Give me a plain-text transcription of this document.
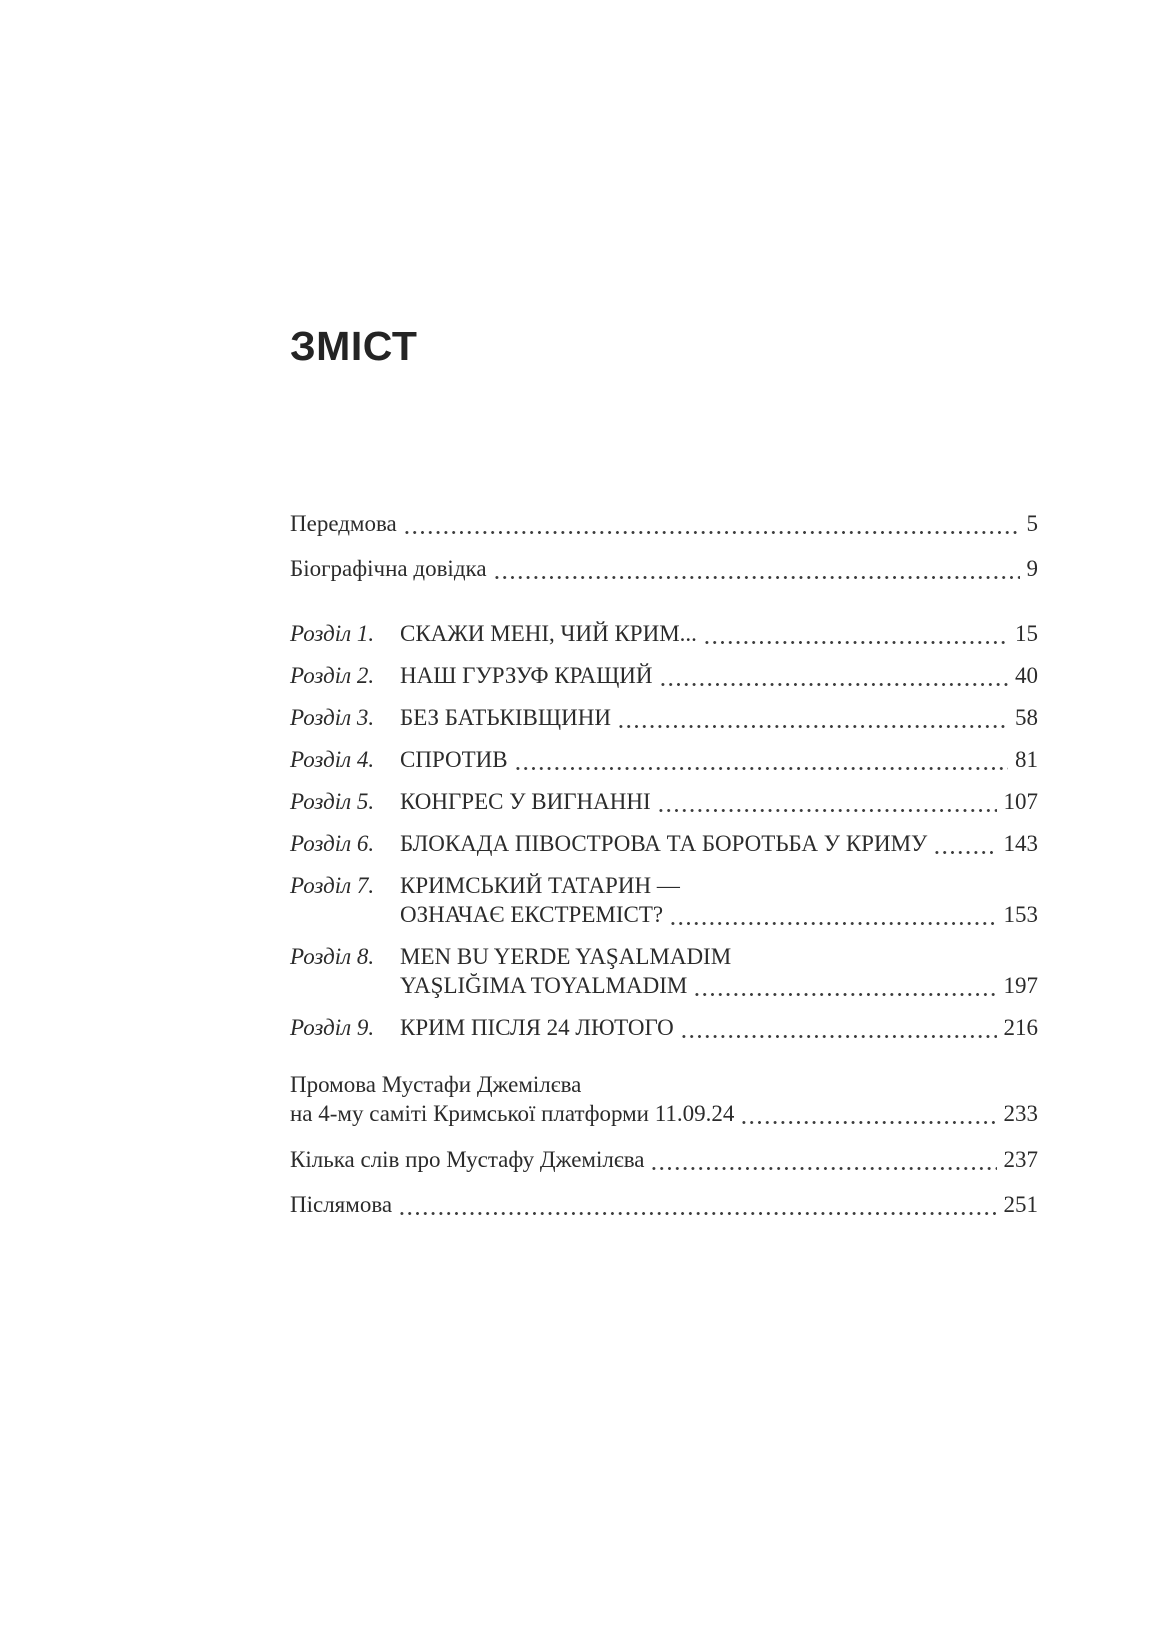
ЗМІСТ
Передмова	5
Біографічна довідка	9
Розділ 1.	СКАЖИ МЕНІ, ЧИЙ КРИМ...	15
Розділ 2.	НАШ ГУРЗУФ КРАЩИЙ	40
Розділ 3.	БЕЗ БАТЬКІВЩИНИ	58
Розділ 4.	СПРОТИВ	81
Розділ 5.	КОНГРЕС У ВИГНАННІ	107
Розділ 6.	БЛОКАДА ПІВОСТРОВА ТА БОРОТЬБА У КРИМУ	143
Розділ 7.	КРИМСЬКИЙ ТАТАРИН —
ОЗНАЧАЄ ЕКСТРЕМІСТ?	153
Розділ 8.	MEN BU YERDE YAŞALMADIM
YAŞLIĞIMA TOYALMADIM	197
Розділ 9.	КРИМ ПІСЛЯ 24 ЛЮТОГО	216
Промова Мустафи Джемілєва
на 4-му саміті Кримської платформи 11.09.24	233
Кілька слів про Мустафу Джемілєва	237
Післямова	251
